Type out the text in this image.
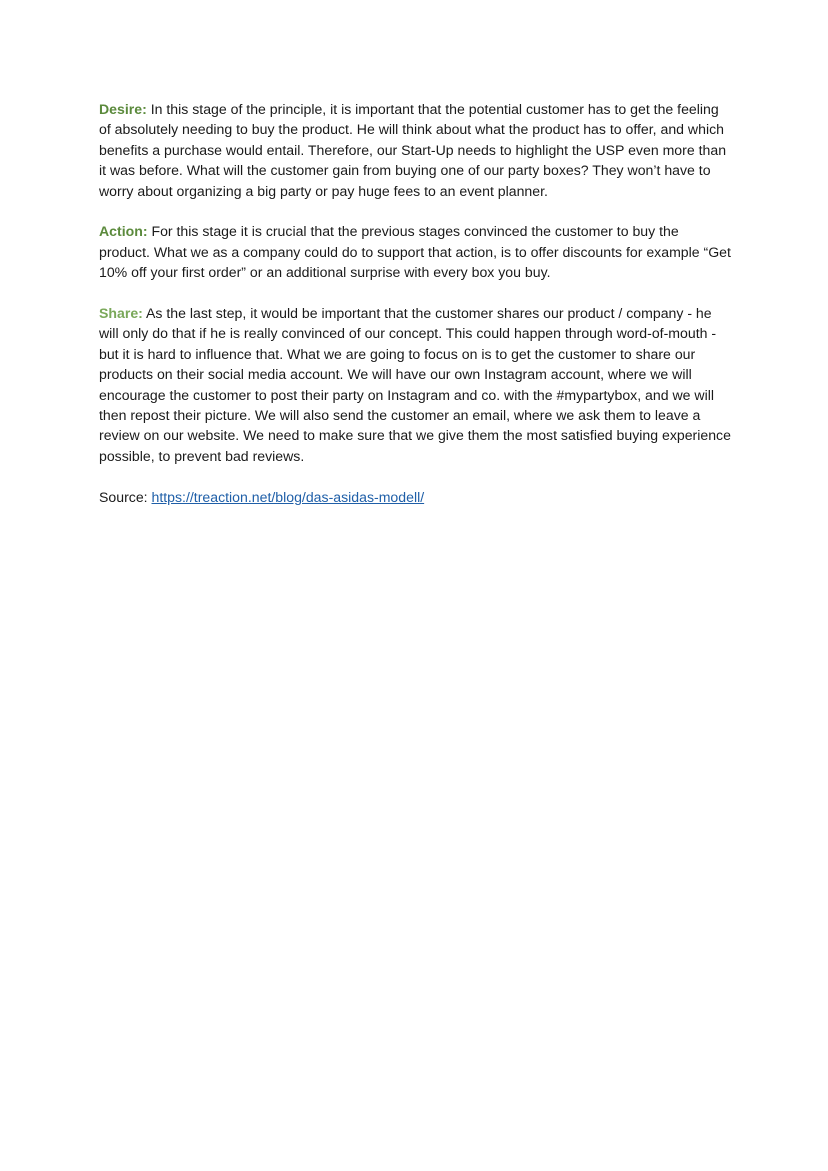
Desire: In this stage of the principle, it is important that the potential customer has to get the feeling of absolutely needing to buy the product. He will think about what the product has to offer, and which benefits a purchase would entail. Therefore, our Start-Up needs to highlight the USP even more than it was before. What will the customer gain from buying one of our party boxes? They won’t have to worry about organizing a big party or pay huge fees to an event planner.

Action: For this stage it is crucial that the previous stages convinced the customer to buy the product. What we as a company could do to support that action, is to offer discounts for example “Get 10% off your first order” or an additional surprise with every box you buy.

Share: As the last step, it would be important that the customer shares our product / company - he will only do that if he is really convinced of our concept. This could happen through word-of-mouth - but it is hard to influence that. What we are going to focus on is to get the customer to share our products on their social media account. We will have our own Instagram account, where we will encourage the customer to post their party on Instagram and co. with the #mypartybox, and we will then repost their picture. We will also send the customer an email, where we ask them to leave a review on our website. We need to make sure that we give them the most satisfied buying experience possible, to prevent bad reviews.

Source: https://treaction.net/blog/das-asidas-modell/
